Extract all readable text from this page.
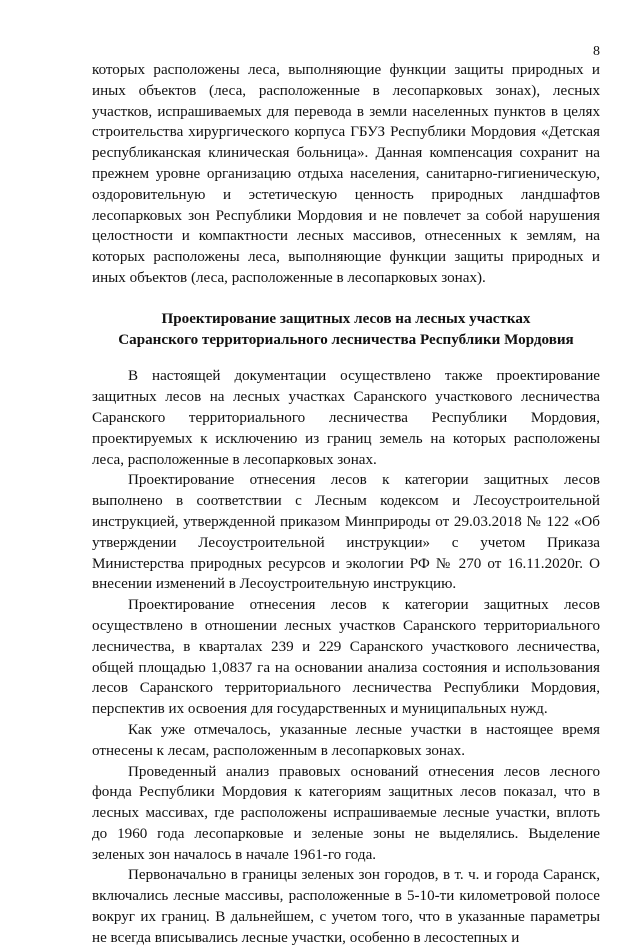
8

которых расположены леса, выполняющие функции защиты природных и иных объектов (леса, расположенные в лесопарковых зонах), лесных участков, испрашиваемых для перевода в земли населенных пунктов в целях строительства хирургического корпуса ГБУЗ Республики Мордовия «Детская республиканская клиническая больница». Данная компенсация сохранит на прежнем уровне организацию отдыха населения, санитарно-гигиеническую, оздоровительную и эстетическую ценность природных ландшафтов лесопарковых зон Республики Мордовия и не повлечет за собой нарушения целостности и компактности лесных массивов, отнесенных к землям, на которых расположены леса, выполняющие функции защиты природных и иных объектов (леса, расположенные в лесопарковых зонах).

Проектирование защитных лесов на лесных участках
Саранского территориального лесничества Республики Мордовия

В настоящей документации осуществлено также проектирование защитных лесов на лесных участках Саранского участкового лесничества Саранского территориального лесничества Республики Мордовия, проектируемых к исключению из границ земель на которых расположены леса, расположенные в лесопарковых зонах.

Проектирование отнесения лесов к категории защитных лесов выполнено в соответствии с Лесным кодексом и Лесоустроительной инструкцией, утвержденной приказом Минприроды от 29.03.2018 № 122 «Об утверждении Лесоустроительной инструкции» с учетом Приказа Министерства природных ресурсов и экологии РФ № 270 от 16.11.2020г. О внесении изменений в Лесоустроительную инструкцию.

Проектирование отнесения лесов к категории защитных лесов осуществлено в отношении лесных участков Саранского территориального лесничества, в кварталах 239 и 229 Саранского участкового лесничества, общей площадью 1,0837 га на основании анализа состояния и использования лесов Саранского территориального лесничества Республики Мордовия, перспектив их освоения для государственных и муниципальных нужд.

Как уже отмечалось, указанные лесные участки в настоящее время отнесены к лесам, расположенным в лесопарковых зонах.

Проведенный анализ правовых оснований отнесения лесов лесного фонда Республики Мордовия к категориям защитных лесов показал, что в лесных массивах, где расположены испрашиваемые лесные участки, вплоть до 1960 года лесопарковые и зеленые зоны не выделялись. Выделение зеленых зон началось в начале 1961-го года.

Первоначально в границы зеленых зон городов, в т. ч. и города Саранск, включались лесные массивы, расположенные в 5-10-ти километровой полосе вокруг их границ. В дальнейшем, с учетом того, что в указанные параметры не всегда вписывались лесные участки, особенно в лесостепных и
